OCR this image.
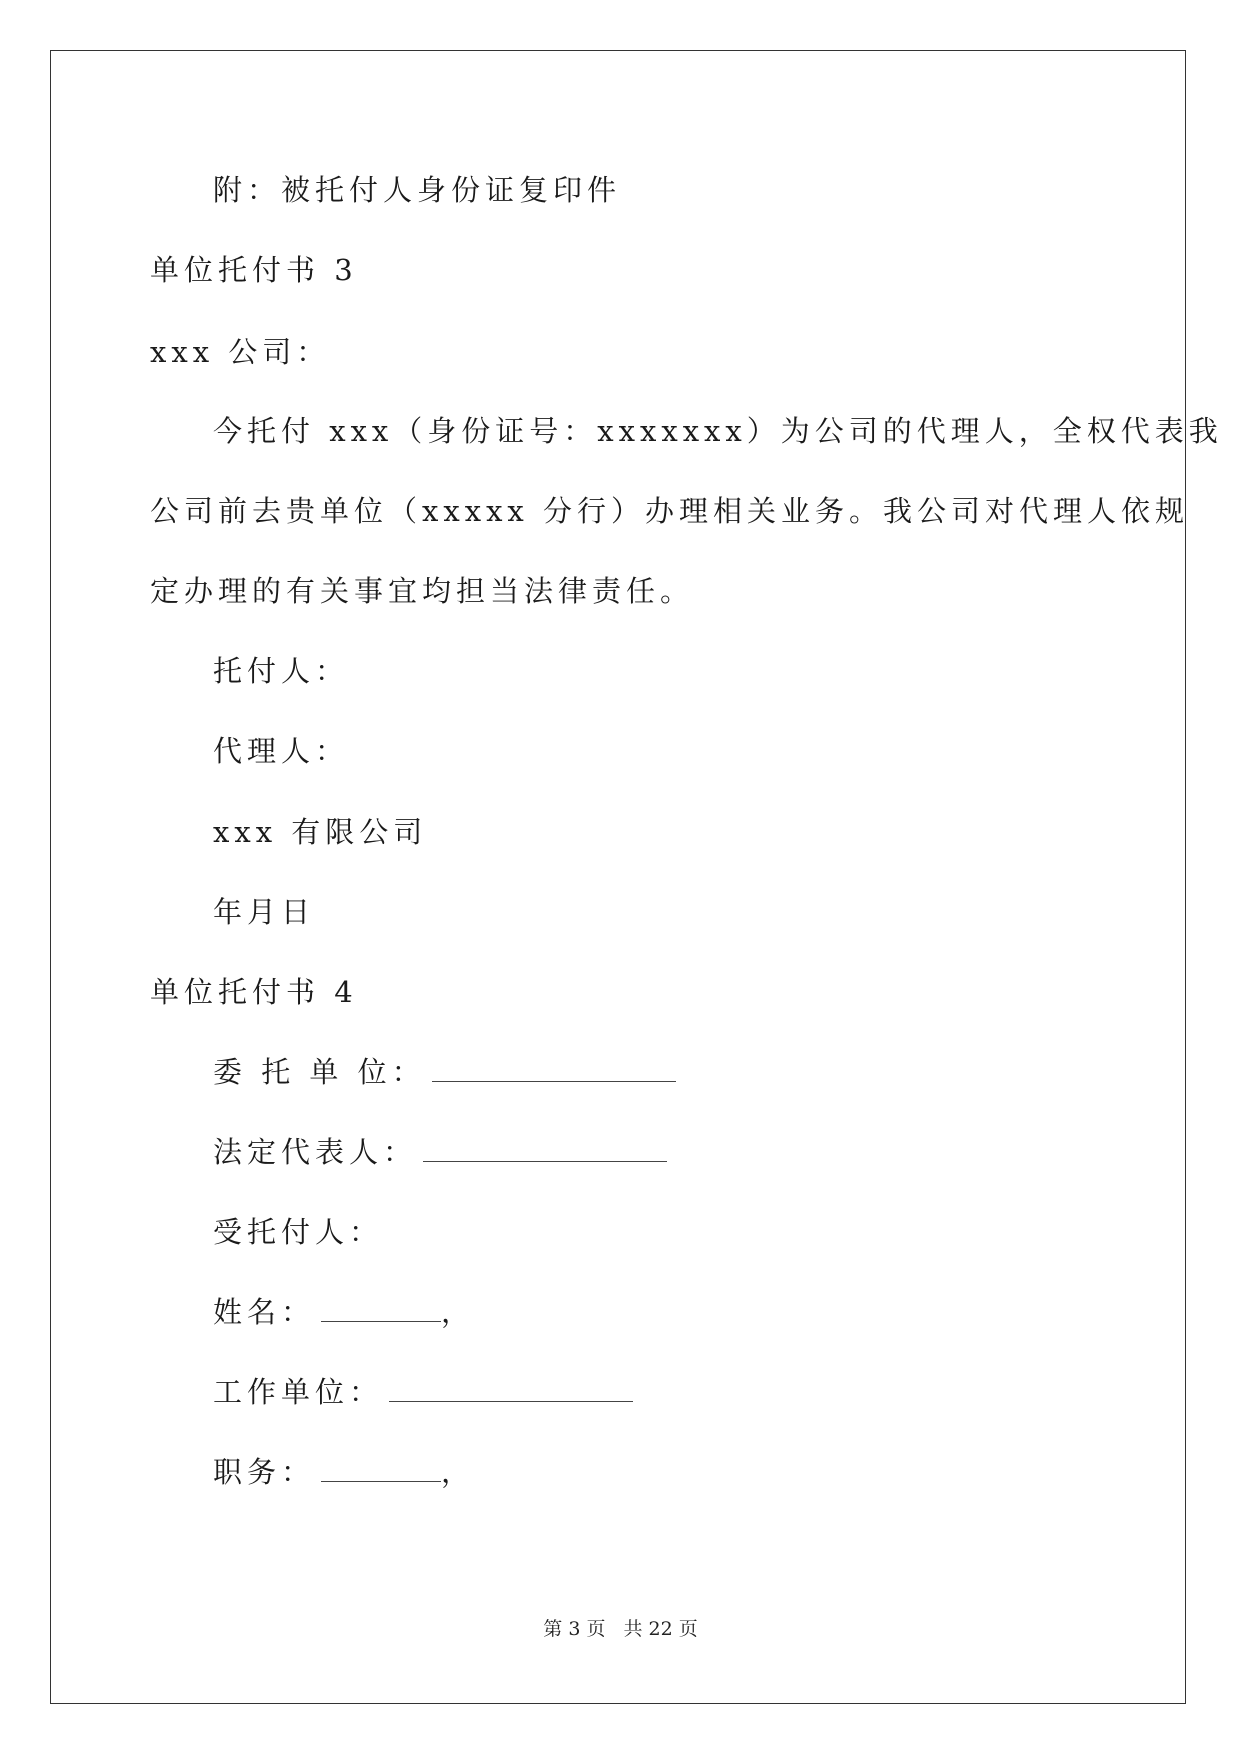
附：被托付人身份证复印件
单位托付书 3
xxx 公司：
今托付 xxx（身份证号：xxxxxxx）为公司的代理人，全权代表我
公司前去贵单位（xxxxx 分行）办理相关业务。我公司对代理人依规
定办理的有关事宜均担当法律责任。
托付人：
代理人：
xxx 有限公司
年月日
单位托付书 4
委 托 单 位：
法定代表人：
受托付人：
姓名：	，
工作单位：
职务：	，
第 3 页 共 22 页
